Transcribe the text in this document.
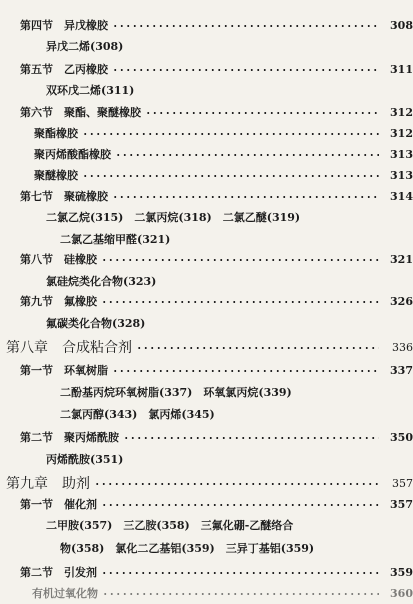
第四节　异戊橡胶	308
异戊二烯(308)
第五节　乙丙橡胶	311
双环戊二烯(311)
第六节　聚酯、聚醚橡胶	312
聚酯橡胶	312
聚丙烯酸酯橡胶	313
聚醚橡胶	313
第七节　聚硫橡胶	314
二氯乙烷(315)　二氯丙烷(318)　二氯乙醚(319)
二氯乙基缩甲醛(321)
第八节　硅橡胶	321
氯硅烷类化合物(323)
第九节　氟橡胶	326
氟碳类化合物(328)
第八章　合成粘合剂	336
第一节　环氧树脂	337
二酚基丙烷环氧树脂(337)　环氧氯丙烷(339)
二氯丙醇(343)　氯丙烯(345)
第二节　聚丙烯酰胺	350
丙烯酰胺(351)
第九章　助剂	357
第一节　催化剂	357
二甲胺(357)　三乙胺(358)　三氟化硼-乙醚络合
物(358)　氯化二乙基铝(359)　三异丁基铝(359)
第二节　引发剂	359
有机过氧化物	360
